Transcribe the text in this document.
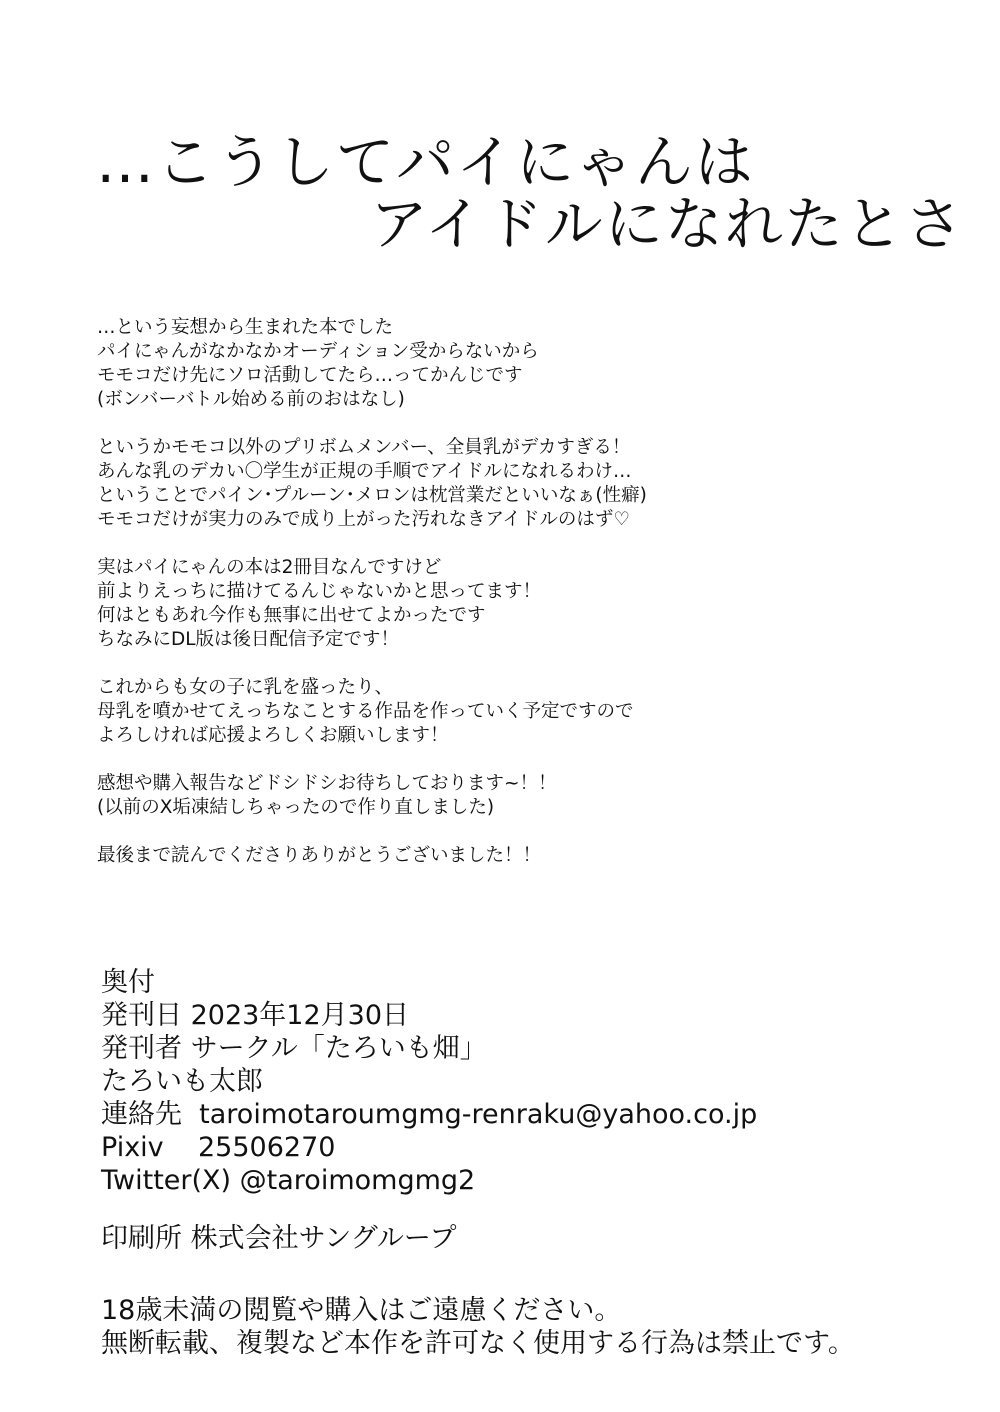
…こうしてパイにゃんは
アイドルになれたとさ

…という妄想から生まれた本でした
パイにゃんがなかなかオーディション受からないから
モモコだけ先にソロ活動してたら…ってかんじです
(ボンバーバトル始める前のおはなし)

というかモモコ以外のプリボムメンバー、全員乳がデカすぎる！
あんな乳のデカい〇学生が正規の手順でアイドルになれるわけ…
ということでパイン･プルーン･メロンは枕営業だといいなぁ(性癖)
モモコだけが実力のみで成り上がった汚れなきアイドルのはず♡

実はパイにゃんの本は2冊目なんですけど
前よりえっちに描けてるんじゃないかと思ってます！
何はともあれ今作も無事に出せてよかったです
ちなみにDL版は後日配信予定です！

これからも女の子に乳を盛ったり、
母乳を噴かせてえっちなことする作品を作っていく予定ですので
よろしければ応援よろしくお願いします！

感想や購入報告などドシドシお待ちしております~！！
(以前のX垢凍結しちゃったので作り直しました)

最後まで読んでくださりありがとうございました！！

奥付
発刊日 2023年12月30日
発刊者 サークル「たろいも畑」
たろいも太郎
連絡先 taroimotaroumgmg-renraku@yahoo.co.jp
Pixiv 25506270
Twitter(X) @taroimomgmg2
印刷所 株式会社サングループ
18歳未満の閲覧や購入はご遠慮ください。
無断転載、複製など本作を許可なく使用する行為は禁止です。
